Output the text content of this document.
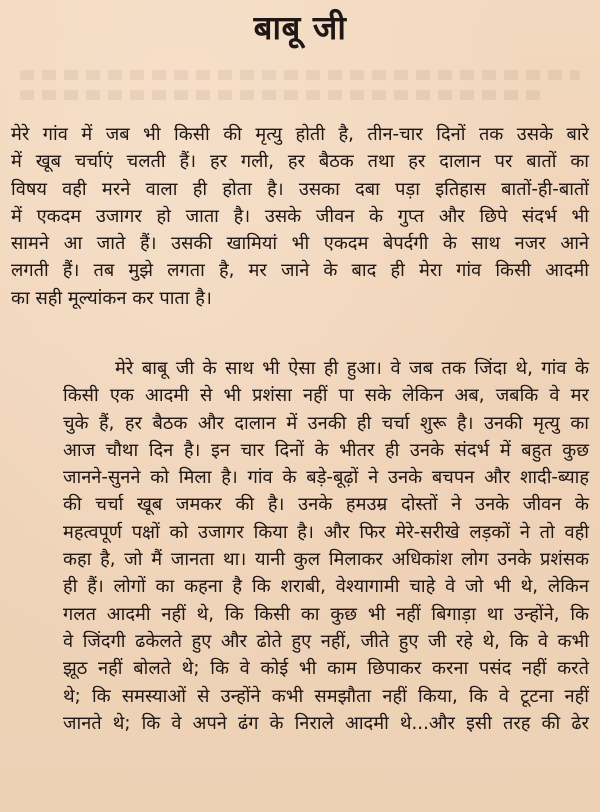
बाबू जी
मेरे गांव में जब भी किसी की मृत्यु होती है, तीन-चार दिनों तक उसके बारे
में खूब चर्चाएं चलती हैं। हर गली, हर बैठक तथा हर दालान पर बातों का
विषय वही मरने वाला ही होता है। उसका दबा पड़ा इतिहास बातों-ही-बातों
में एकदम उजागर हो जाता है। उसके जीवन के गुप्त और छिपे संदर्भ भी
सामने आ जाते हैं। उसकी खामियां भी एकदम बेपर्दगी के साथ नजर आने
लगती हैं। तब मुझे लगता है, मर जाने के बाद ही मेरा गांव किसी आदमी
का सही मूल्यांकन कर पाता है।
मेरे बाबू जी के साथ भी ऐसा ही हुआ। वे जब तक जिंदा थे, गांव के
किसी एक आदमी से भी प्रशंसा नहीं पा सके लेकिन अब, जबकि वे मर
चुके हैं, हर बैठक और दालान में उनकी ही चर्चा शुरू है। उनकी मृत्यु का
आज चौथा दिन है। इन चार दिनों के भीतर ही उनके संदर्भ में बहुत कुछ
जानने-सुनने को मिला है। गांव के बड़े-बूढ़ों ने उनके बचपन और शादी-ब्याह
की चर्चा खूब जमकर की है। उनके हमउम्र दोस्तों ने उनके जीवन के
महत्वपूर्ण पक्षों को उजागर किया है। और फिर मेरे-सरीखे लड़कों ने तो वही
कहा है, जो मैं जानता था। यानी कुल मिलाकर अधिकांश लोग उनके प्रशंसक
ही हैं। लोगों का कहना है कि शराबी, वेश्यागामी चाहे वे जो भी थे, लेकिन
गलत आदमी नहीं थे, कि किसी का कुछ भी नहीं बिगाड़ा था उन्होंने, कि
वे जिंदगी ढकेलते हुए और ढोते हुए नहीं, जीते हुए जी रहे थे, कि वे कभी
झूठ नहीं बोलते थे; कि वे कोई भी काम छिपाकर करना पसंद नहीं करते
थे; कि समस्याओं से उन्होंने कभी समझौता नहीं किया, कि वे टूटना नहीं
जानते थे; कि वे अपने ढंग के निराले आदमी थे...और इसी तरह की ढेर
